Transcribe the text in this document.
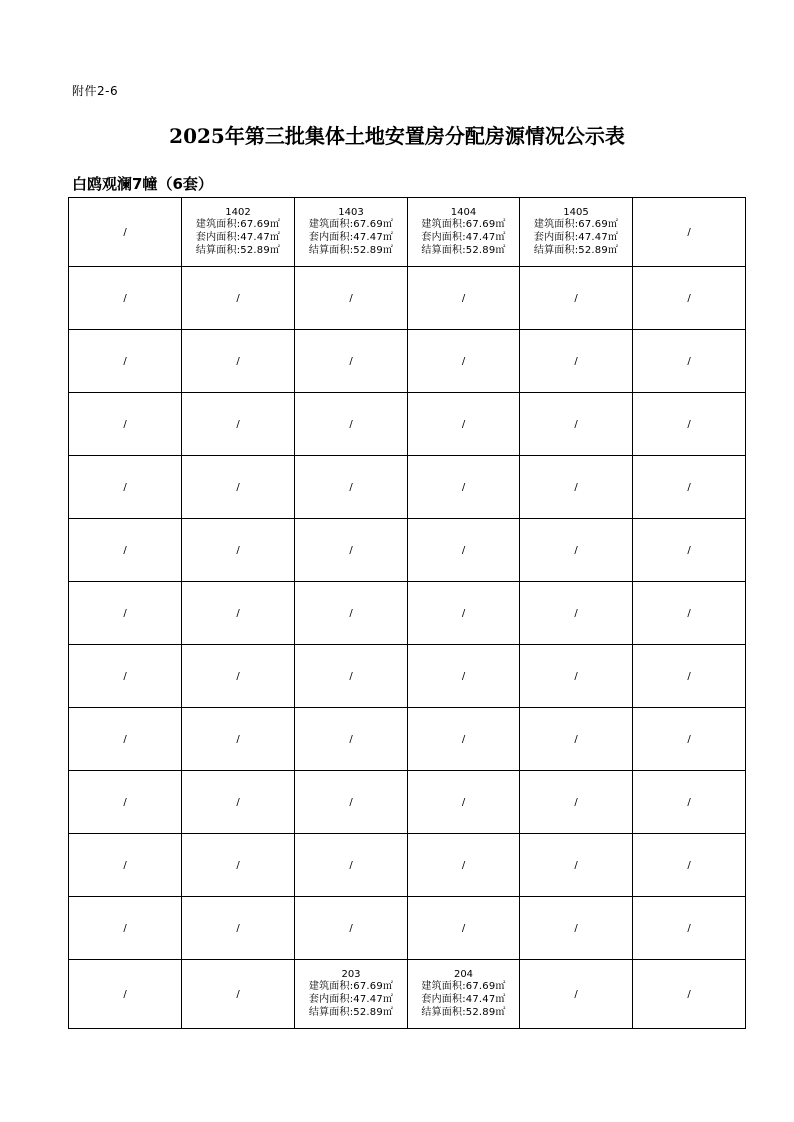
附件2-6
2025年第三批集体土地安置房分配房源情况公示表
白鸥观澜7幢（6套）
/	1402
建筑面积:67.69㎡
套内面积:47.47㎡
结算面积:52.89㎡	1403
建筑面积:67.69㎡
套内面积:47.47㎡
结算面积:52.89㎡	1404
建筑面积:67.69㎡
套内面积:47.47㎡
结算面积:52.89㎡	1405
建筑面积:67.69㎡
套内面积:47.47㎡
结算面积:52.89㎡	/
/	/	/	/	/	/
/	/	/	/	/	/
/	/	/	/	/	/
/	/	/	/	/	/
/	/	/	/	/	/
/	/	/	/	/	/
/	/	/	/	/	/
/	/	/	/	/	/
/	/	/	/	/	/
/	/	/	/	/	/
/	/	/	/	/	/
/	/	203
建筑面积:67.69㎡
套内面积:47.47㎡
结算面积:52.89㎡	204
建筑面积:67.69㎡
套内面积:47.47㎡
结算面积:52.89㎡	/	/
